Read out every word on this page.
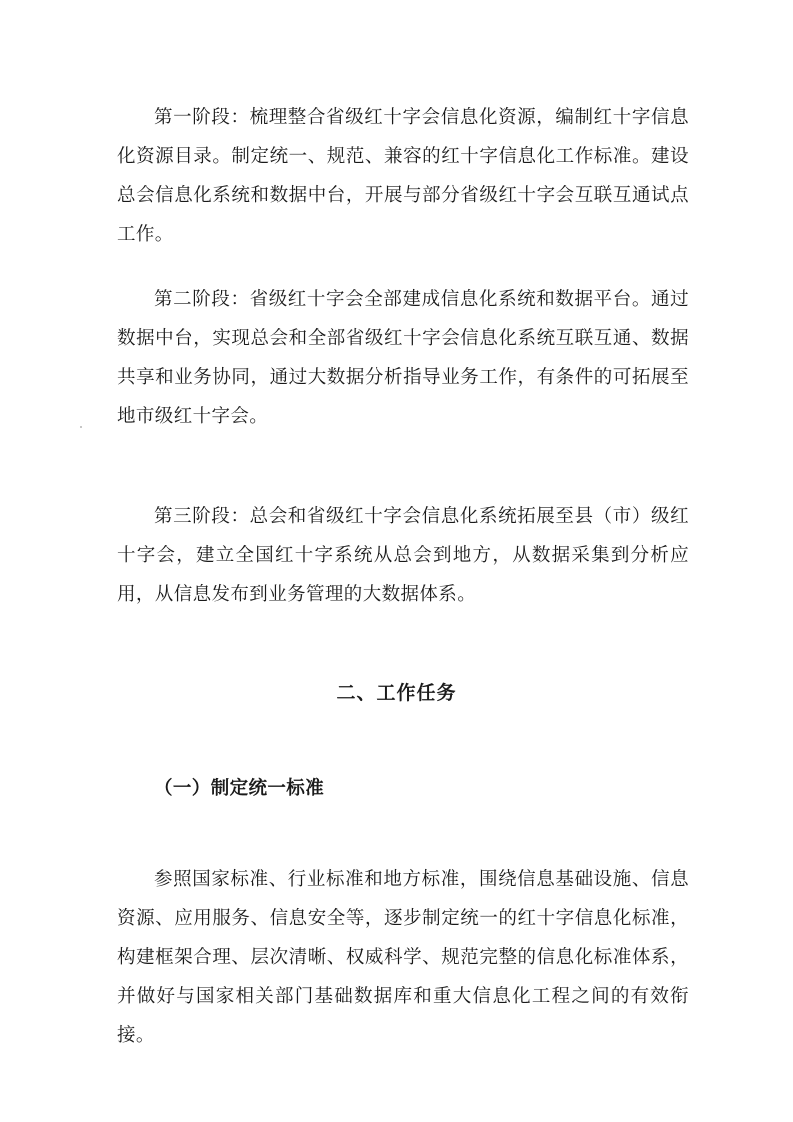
第一阶段：梳理整合省级红十字会信息化资源，编制红十字信息化资源目录。制定统一、规范、兼容的红十字信息化工作标准。建设总会信息化系统和数据中台，开展与部分省级红十字会互联互通试点工作。

第二阶段：省级红十字会全部建成信息化系统和数据平台。通过数据中台，实现总会和全部省级红十字会信息化系统互联互通、数据共享和业务协同，通过大数据分析指导业务工作，有条件的可拓展至地市级红十字会。

第三阶段：总会和省级红十字会信息化系统拓展至县（市）级红十字会，建立全国红十字系统从总会到地方，从数据采集到分析应用，从信息发布到业务管理的大数据体系。

二、工作任务
（一）制定统一标准

参照国家标准、行业标准和地方标准，围绕信息基础设施、信息资源、应用服务、信息安全等，逐步制定统一的红十字信息化标准，构建框架合理、层次清晰、权威科学、规范完整的信息化标准体系，并做好与国家相关部门基础数据库和重大信息化工程之间的有效衔接。
